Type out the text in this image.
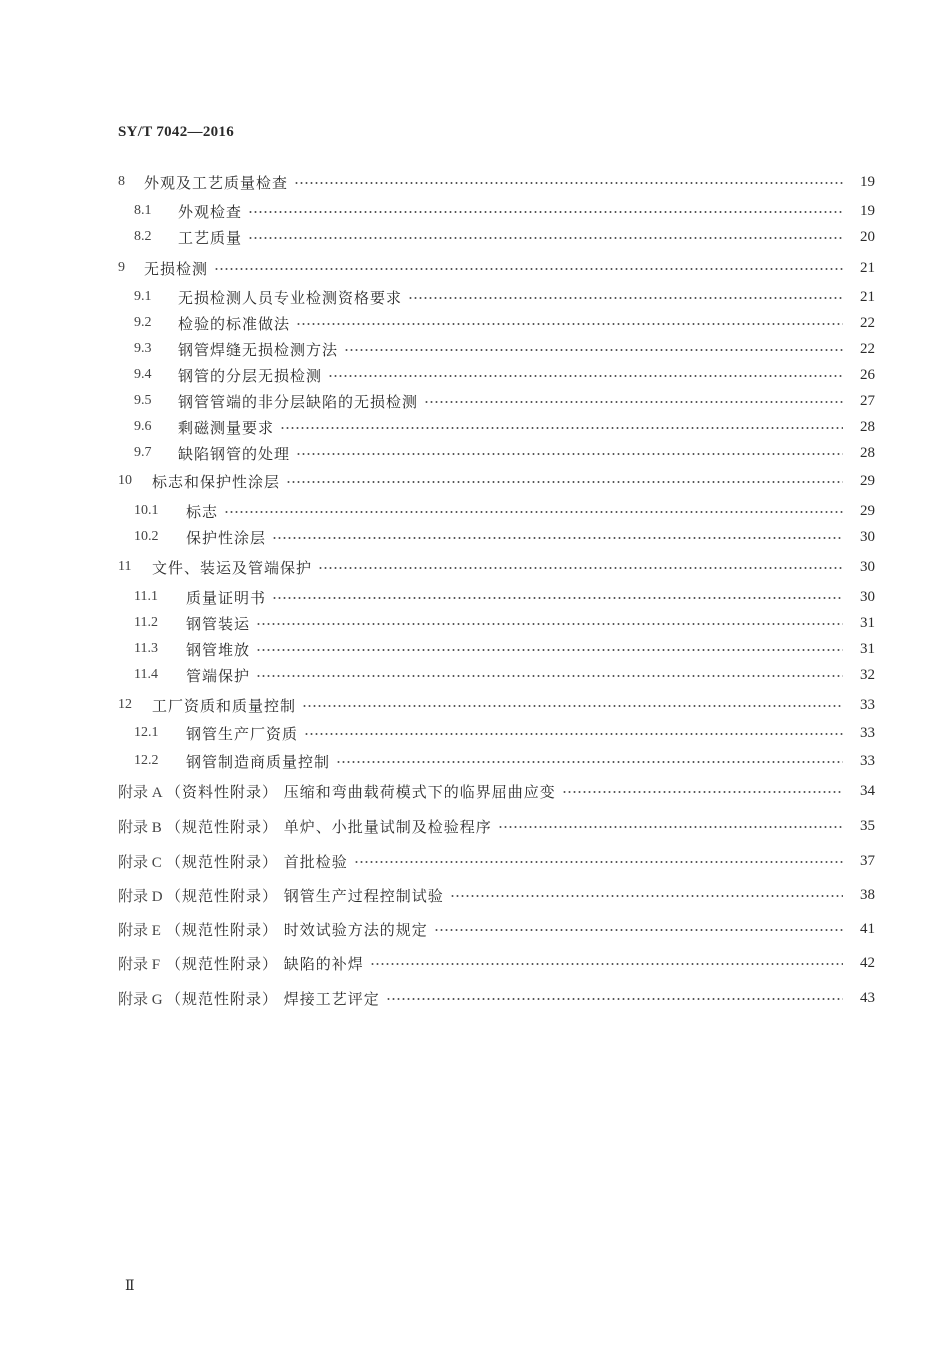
SY/T 7042—2016
8 外观及工艺质量检查	19
8.1 外观检查	19
8.2 工艺质量	20
9 无损检测	21
9.1 无损检测人员专业检测资格要求	21
9.2 检验的标准做法	22
9.3 钢管焊缝无损检测方法	22
9.4 钢管的分层无损检测	26
9.5 钢管管端的非分层缺陷的无损检测	27
9.6 剩磁测量要求	28
9.7 缺陷钢管的处理	28
10 标志和保护性涂层	29
10.1 标志	29
10.2 保护性涂层	30
11 文件、装运及管端保护	30
11.1 质量证明书	30
11.2 钢管装运	31
11.3 钢管堆放	31
11.4 管端保护	32
12 工厂资质和质量控制	33
12.1 钢管生产厂资质	33
12.2 钢管制造商质量控制	33
附录 A （资料性附录） 压缩和弯曲载荷模式下的临界屈曲应变	34
附录 B （规范性附录） 单炉、小批量试制及检验程序	35
附录 C （规范性附录） 首批检验	37
附录 D （规范性附录） 钢管生产过程控制试验	38
附录 E （规范性附录） 时效试验方法的规定	41
附录 F （规范性附录） 缺陷的补焊	42
附录 G （规范性附录） 焊接工艺评定	43
Ⅱ
